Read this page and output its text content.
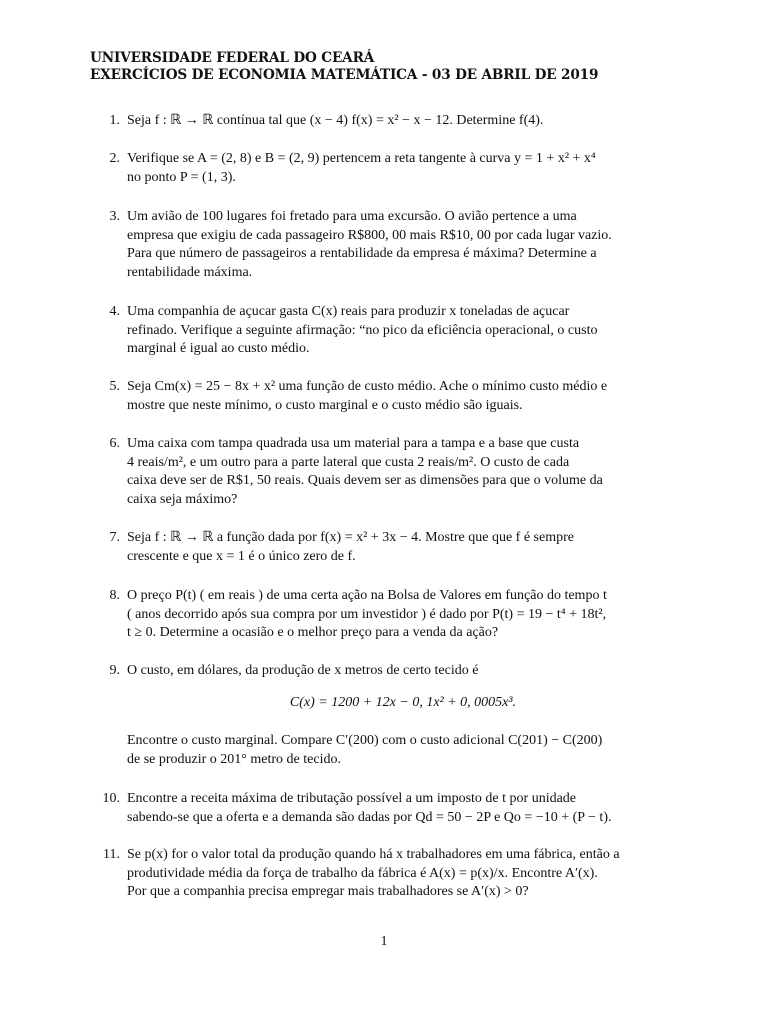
UNIVERSIDADE FEDERAL DO CEARÁ
EXERCÍCIOS DE ECONOMIA MATEMÁTICA - 03 DE ABRIL DE 2019
1. Seja f : ℝ → ℝ contínua tal que (x − 4) f(x) = x² − x − 12. Determine f(4).
2. Verifique se A = (2, 8) e B = (2, 9) pertencem a reta tangente à curva y = 1 + x² + x⁴
no ponto P = (1, 3).
3. Um avião de 100 lugares foi fretado para uma excursão. O avião pertence a uma
empresa que exigiu de cada passageiro R$800, 00 mais R$10, 00 por cada lugar vazio.
Para que número de passageiros a rentabilidade da empresa é máxima? Determine a
rentabilidade máxima.
4. Uma companhia de açucar gasta C(x) reais para produzir x toneladas de açucar
refinado. Verifique a seguinte afirmação: “no pico da eficiência operacional, o custo
marginal é igual ao custo médio.
5. Seja Cm(x) = 25 − 8x + x² uma função de custo médio. Ache o mínimo custo médio e
mostre que neste mínimo, o custo marginal e o custo médio são iguais.
6. Uma caixa com tampa quadrada usa um material para a tampa e a base que custa
4 reais/m², e um outro para a parte lateral que custa 2 reais/m². O custo de cada
caixa deve ser de R$1, 50 reais. Quais devem ser as dimensões para que o volume da
caixa seja máximo?
7. Seja f : ℝ → ℝ a função dada por f(x) = x² + 3x − 4. Mostre que que f é sempre
crescente e que x = 1 é o único zero de f.
8. O preço P(t) ( em reais ) de uma certa ação na Bolsa de Valores em função do tempo t
( anos decorrido após sua compra por um investidor ) é dado por P(t) = 19 − t⁴ + 18t²,
t ≥ 0. Determine a ocasião e o melhor preço para a venda da ação?
9. O custo, em dólares, da produção de x metros de certo tecido é
C(x) = 1200 + 12x − 0, 1x² + 0, 0005x³.
Encontre o custo marginal. Compare C′(200) com o custo adicional C(201) − C(200)
de se produzir o 201° metro de tecido.
10. Encontre a receita máxima de tributação possível a um imposto de t por unidade
sabendo-se que a oferta e a demanda são dadas por Qd = 50 − 2P e Qo = −10 + (P − t).
11. Se p(x) for o valor total da produção quando há x trabalhadores em uma fábrica, então a
produtividade média da força de trabalho da fábrica é A(x) = p(x)/x. Encontre A′(x).
Por que a companhia precisa empregar mais trabalhadores se A′(x) > 0?
1
